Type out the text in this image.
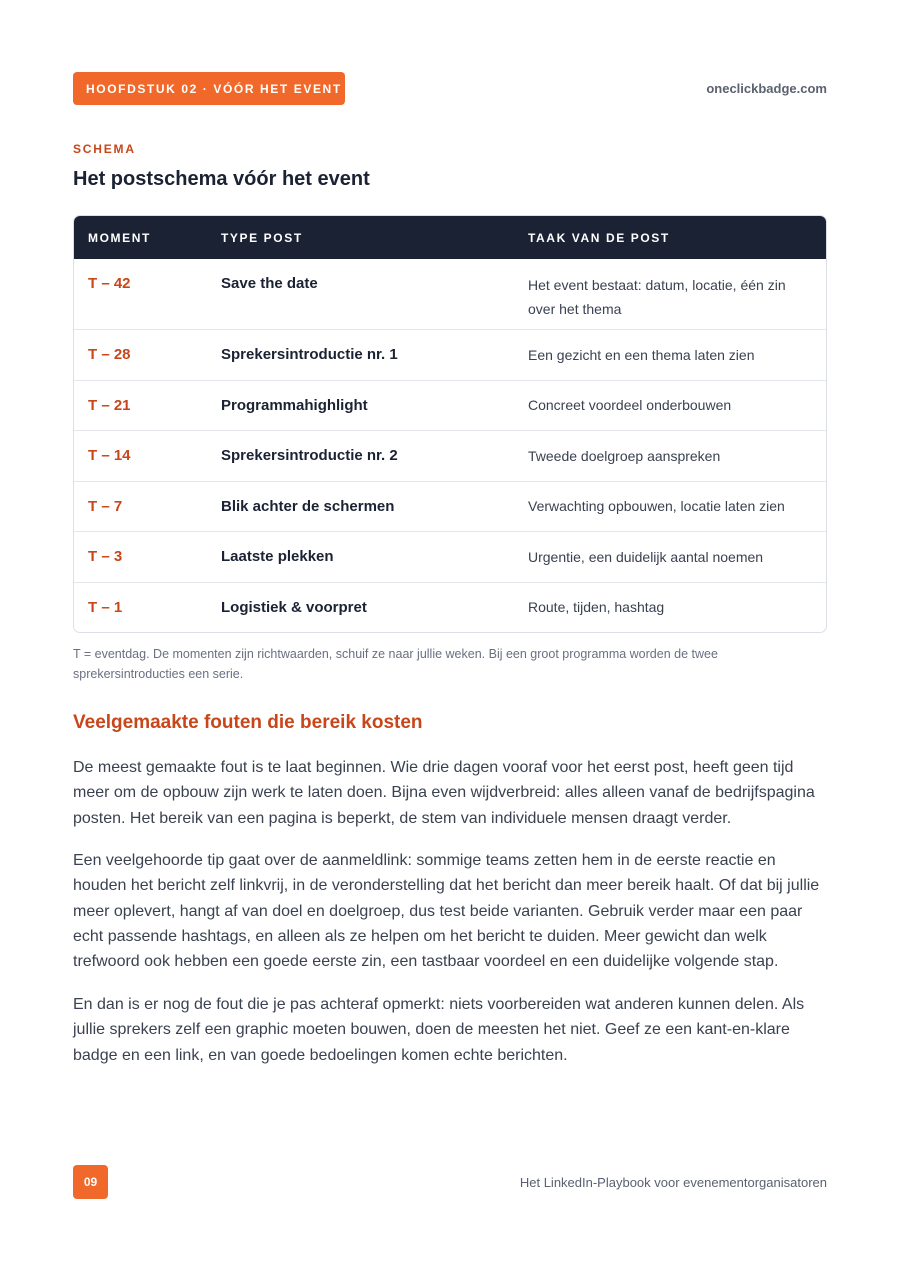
HOOFDSTUK 02 · VÓÓR HET EVENT	oneclickbadge.com
SCHEMA
Het postschema vóór het event
MOMENT	TYPE POST	TAAK VAN DE POST
T – 42	Save the date	Het event bestaat: datum, locatie, één zin over het thema
T – 28	Sprekersintroductie nr. 1	Een gezicht en een thema laten zien
T – 21	Programmahighlight	Concreet voordeel onderbouwen
T – 14	Sprekersintroductie nr. 2	Tweede doelgroep aanspreken
T – 7	Blik achter de schermen	Verwachting opbouwen, locatie laten zien
T – 3	Laatste plekken	Urgentie, een duidelijk aantal noemen
T – 1	Logistiek & voorpret	Route, tijden, hashtag

T = eventdag. De momenten zijn richtwaarden, schuif ze naar jullie weken. Bij een groot programma worden de twee sprekersintroducties een serie.

Veelgemaakte fouten die bereik kosten

De meest gemaakte fout is te laat beginnen. Wie drie dagen vooraf voor het eerst post, heeft geen tijd meer om de opbouw zijn werk te laten doen. Bijna even wijdverbreid: alles alleen vanaf de bedrijfspagina posten. Het bereik van een pagina is beperkt, de stem van individuele mensen draagt verder.

Een veelgehoorde tip gaat over de aanmeldlink: sommige teams zetten hem in de eerste reactie en houden het bericht zelf linkvrij, in de veronderstelling dat het bericht dan meer bereik haalt. Of dat bij jullie meer oplevert, hangt af van doel en doelgroep, dus test beide varianten. Gebruik verder maar een paar echt passende hashtags, en alleen als ze helpen om het bericht te duiden. Meer gewicht dan welk trefwoord ook hebben een goede eerste zin, een tastbaar voordeel en een duidelijke volgende stap.

En dan is er nog de fout die je pas achteraf opmerkt: niets voorbereiden wat anderen kunnen delen. Als jullie sprekers zelf een graphic moeten bouwen, doen de meesten het niet. Geef ze een kant-en-klare badge en een link, en van goede bedoelingen komen echte berichten.

09	Het LinkedIn-Playbook voor evenementorganisatoren
